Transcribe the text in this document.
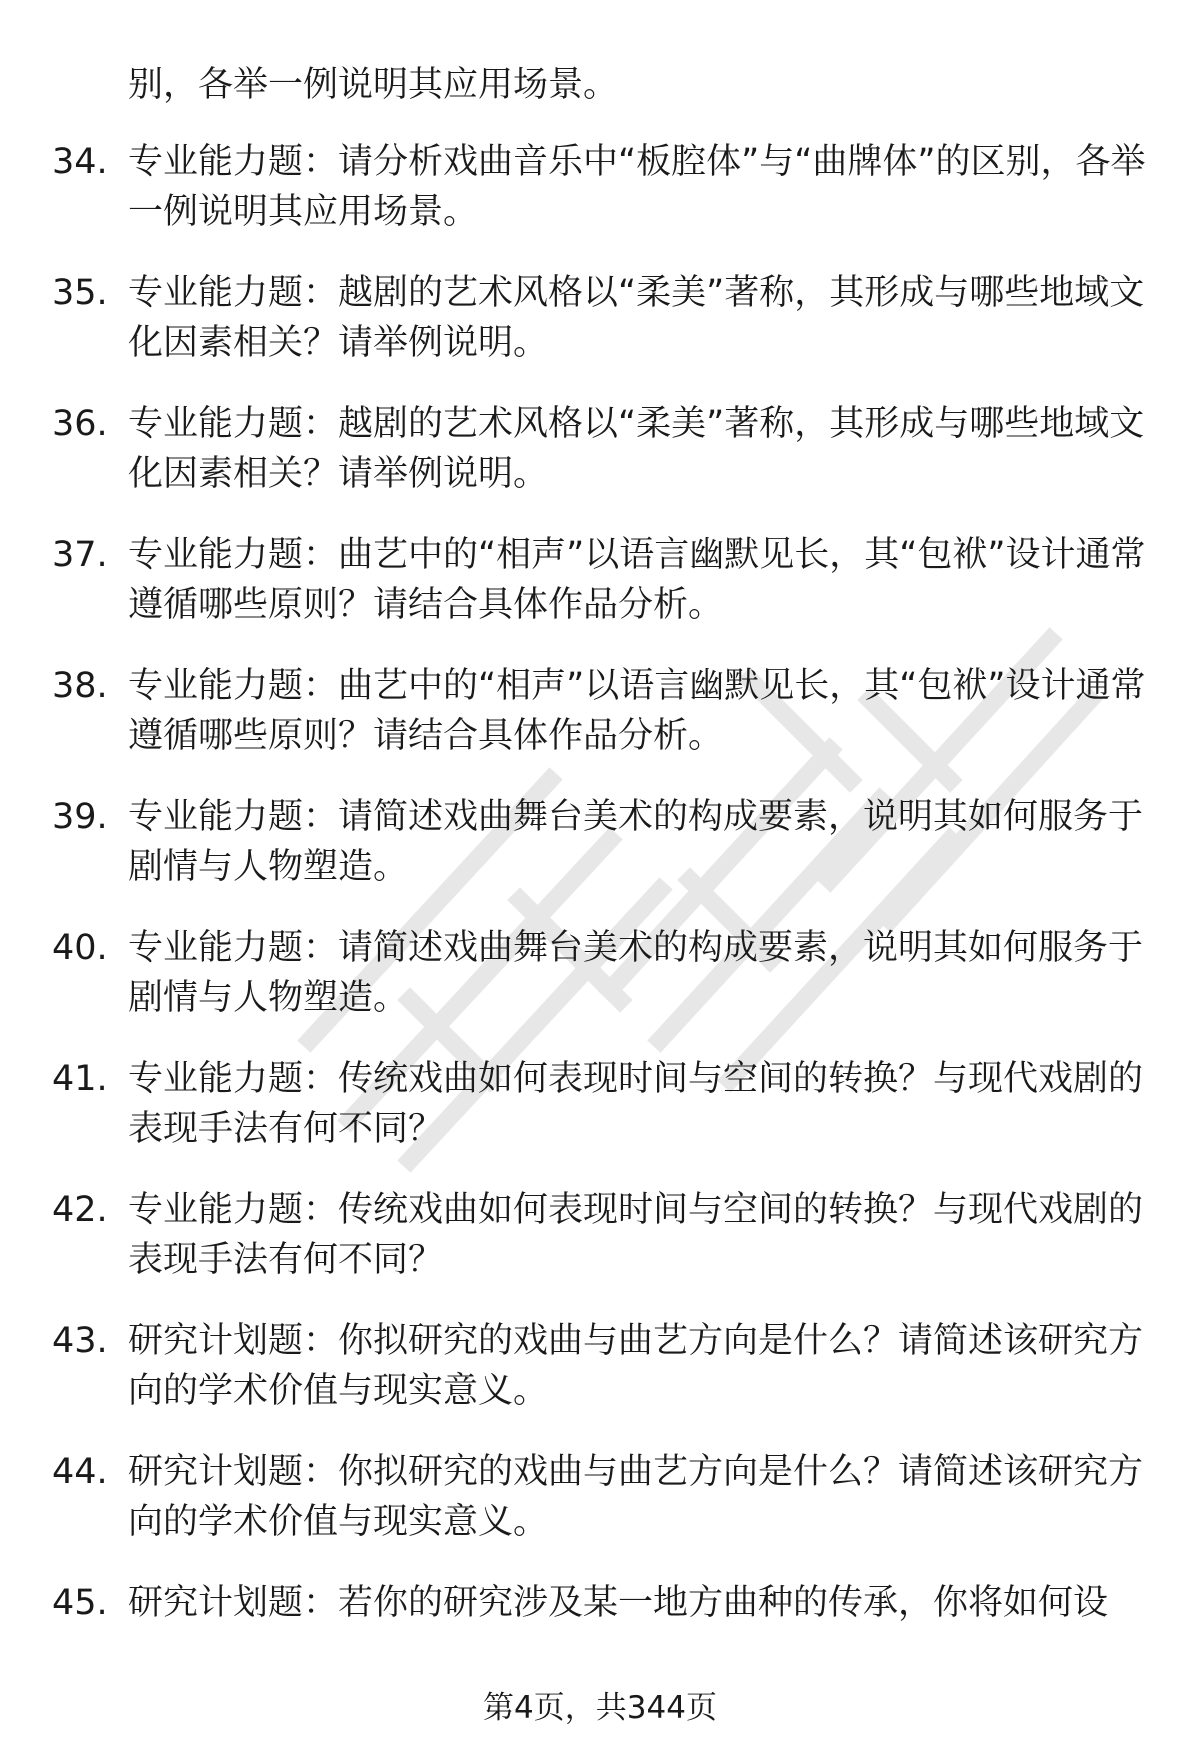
别，各举一例说明其应用场景。
34. 专业能力题：请分析戏曲音乐中“板腔体”与“曲牌体”的区别，各举一例说明其应用场景。
35. 专业能力题：越剧的艺术风格以“柔美”著称，其形成与哪些地域文化因素相关？请举例说明。
36. 专业能力题：越剧的艺术风格以“柔美”著称，其形成与哪些地域文化因素相关？请举例说明。
37. 专业能力题：曲艺中的“相声”以语言幽默见长，其“包袱”设计通常遵循哪些原则？请结合具体作品分析。
38. 专业能力题：曲艺中的“相声”以语言幽默见长，其“包袱”设计通常遵循哪些原则？请结合具体作品分析。
39. 专业能力题：请简述戏曲舞台美术的构成要素，说明其如何服务于剧情与人物塑造。
40. 专业能力题：请简述戏曲舞台美术的构成要素，说明其如何服务于剧情与人物塑造。
41. 专业能力题：传统戏曲如何表现时间与空间的转换？与现代戏剧的表现手法有何不同？
42. 专业能力题：传统戏曲如何表现时间与空间的转换？与现代戏剧的表现手法有何不同？
43. 研究计划题：你拟研究的戏曲与曲艺方向是什么？请简述该研究方向的学术价值与现实意义。
44. 研究计划题：你拟研究的戏曲与曲艺方向是什么？请简述该研究方向的学术价值与现实意义。
45. 研究计划题：若你的研究涉及某一地方曲种的传承，你将如何设
第4页，共344页
